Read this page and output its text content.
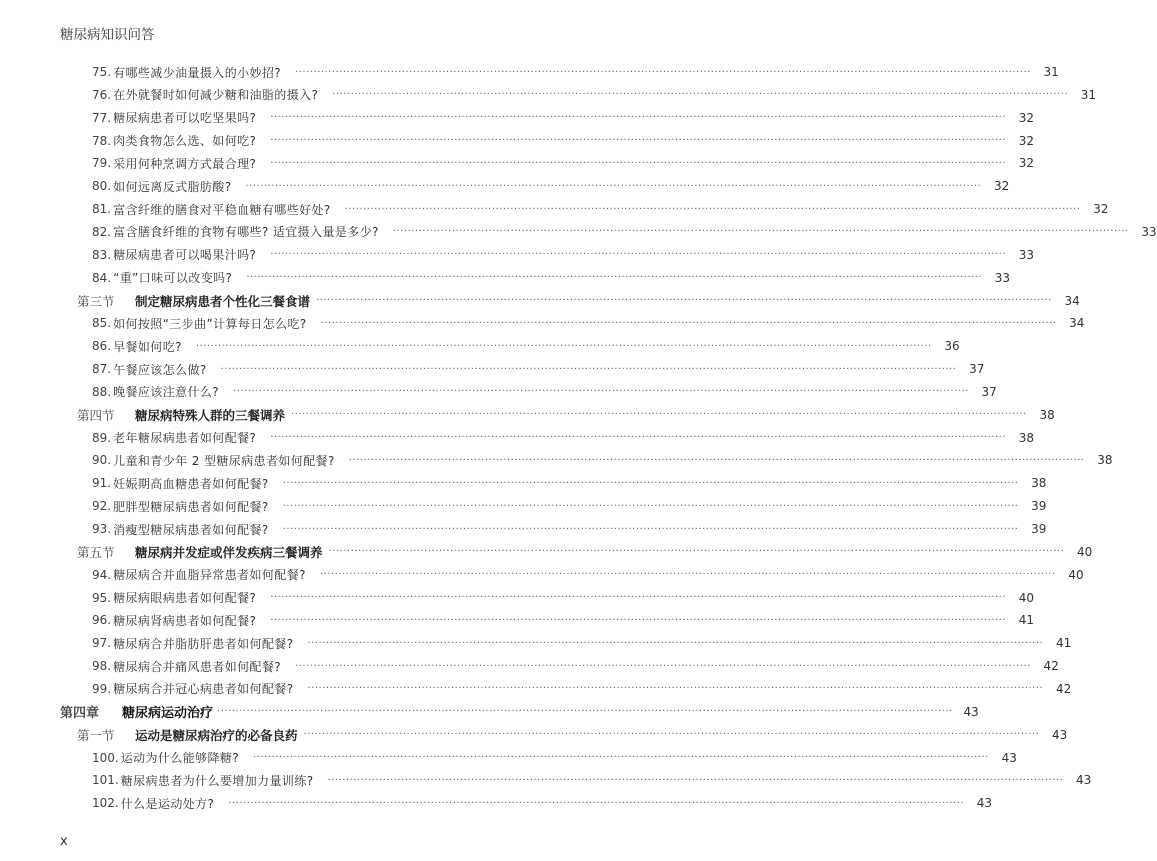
糖尿病知识问答
75. 有哪些减少油量摄入的小妙招? ········································································································································································································	31
76. 在外就餐时如何减少糖和油脂的摄入? ········································································································································································································	31
77. 糖尿病患者可以吃坚果吗? ········································································································································································································	32
78. 肉类食物怎么选、如何吃? ········································································································································································································	32
79. 采用何种烹调方式最合理? ········································································································································································································	32
80. 如何远离反式脂肪酸? ········································································································································································································	32
81. 富含纤维的膳食对平稳血糖有哪些好处? ········································································································································································································	32
82. 富含膳食纤维的食物有哪些? 适宜摄入量是多少? ········································································································································································································	33
83. 糖尿病患者可以喝果汁吗? ········································································································································································································	33
84. “重”口味可以改变吗? ········································································································································································································	33
第三节	制定糖尿病患者个性化三餐食谱 ········································································································································································································	34
85. 如何按照“三步曲”计算每日怎么吃? ········································································································································································································	34
86. 早餐如何吃? ········································································································································································································	36
87. 午餐应该怎么做? ········································································································································································································	37
88. 晚餐应该注意什么? ········································································································································································································	37
第四节	糖尿病特殊人群的三餐调养 ········································································································································································································	38
89. 老年糖尿病患者如何配餐? ········································································································································································································	38
90. 儿童和青少年 2 型糖尿病患者如何配餐? ········································································································································································································	38
91. 妊娠期高血糖患者如何配餐? ········································································································································································································	38
92. 肥胖型糖尿病患者如何配餐? ········································································································································································································	39
93. 消瘦型糖尿病患者如何配餐? ········································································································································································································	39
第五节	糖尿病并发症或伴发疾病三餐调养 ········································································································································································································	40
94. 糖尿病合并血脂异常患者如何配餐? ········································································································································································································	40
95. 糖尿病眼病患者如何配餐? ········································································································································································································	40
96. 糖尿病肾病患者如何配餐? ········································································································································································································	41
97. 糖尿病合并脂肪肝患者如何配餐? ········································································································································································································	41
98. 糖尿病合并痛风患者如何配餐? ········································································································································································································	42
99. 糖尿病合并冠心病患者如何配餐? ········································································································································································································	42
第四章	糖尿病运动治疗 ········································································································································································································ 43
第一节	运动是糖尿病治疗的必备良药 ········································································································································································································	43
100. 运动为什么能够降糖? ········································································································································································································	43
101. 糖尿病患者为什么要增加力量训练? ········································································································································································································	43
102. 什么是运动处方? ········································································································································································································	43
x
